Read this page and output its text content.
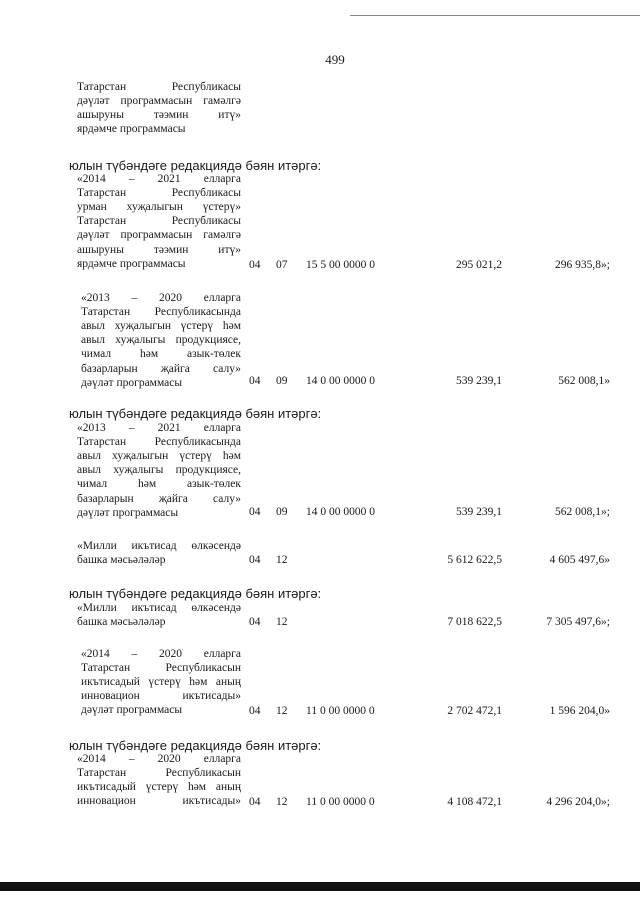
499
Татарстан Республикасы
дәүләт программасын гамәлгә
ашыруны тәэмин итү»
ярдәмче программасы
юлын түбәндәге редакциядә бәян итәргә:
«2014 – 2021 елларга
Татарстан Республикасы
урман хуҗалыгын үстерү»
Татарстан Республикасы
дәүләт программасын гамәлгә
ашыруны тәэмин итү»
ярдәмче программасы	04 07 15 5 00 0000 0	295 021,2	296 935,8»;
«2013 – 2020 елларга
Татарстан Республикасында
авыл хуҗалыгын үстерү һәм
авыл хуҗалыгы продукциясе,
чимал һәм азык-төлек
базарларын җайга салу»
дәүләт программасы	04 09 14 0 00 0000 0	539 239,1	562 008,1»
юлын түбәндәге редакциядә бәян итәргә:
«2013 – 2021 елларга
Татарстан Республикасында
авыл хуҗалыгын үстерү һәм
авыл хуҗалыгы продукциясе,
чимал һәм азык-төлек
базарларын җайга салу»
дәүләт программасы	04 09 14 0 00 0000 0	539 239,1	562 008,1»;
«Милли икътисад өлкәсендә
башка мәсьәләләр	04 12	5 612 622,5	4 605 497,6»
юлын түбәндәге редакциядә бәян итәргә:
«Милли икътисад өлкәсендә
башка мәсьәләләр	04 12	7 018 622,5	7 305 497,6»;
«2014 – 2020 елларга
Татарстан Республикасын
икътисадый үстерү һәм аның
инновацион икътисады»
дәүләт программасы	04 12 11 0 00 0000 0	2 702 472,1	1 596 204,0»
юлын түбәндәге редакциядә бәян итәргә:
«2014 – 2020 елларга
Татарстан Республикасын
икътисадый үстерү һәм аның
инновацион икътисады» 04 12 11 0 00 0000 0	4 108 472,1	4 296 204,0»;
